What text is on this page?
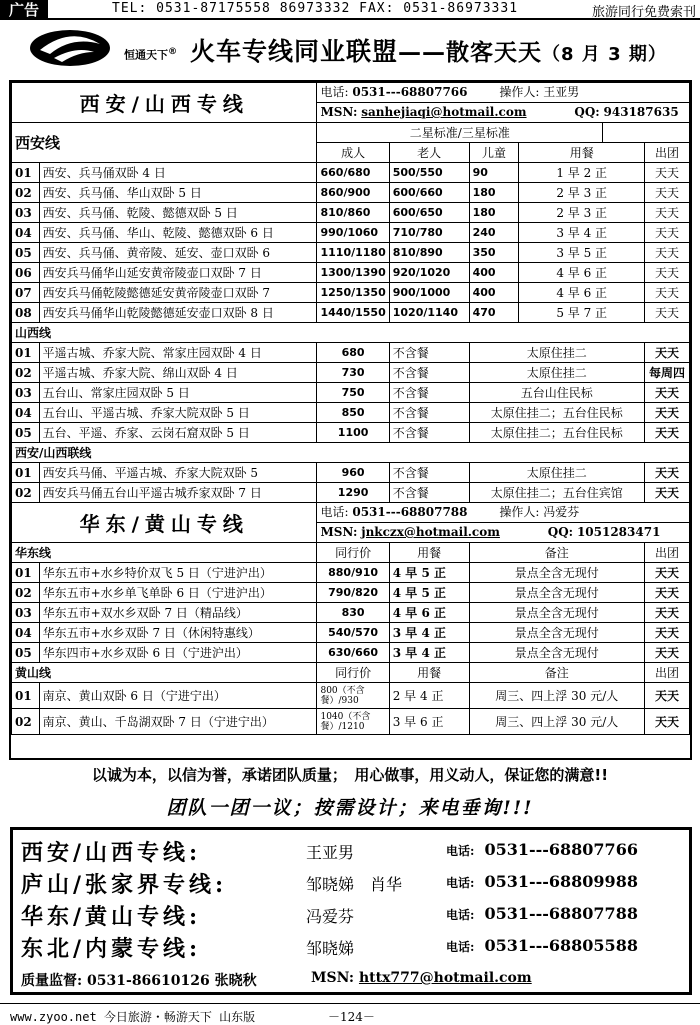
广告	TEL: 0531-87175558 86973332 FAX: 0531-86973331	旅游同行免费索刊
恒通天下® 火车专线同业联盟——散客天天（8 月 3 期）
西安/山西专线		电话: 0531---68807766 操作人: 王亚男					
		MSN: sanhejiaqi@hotmail.com QQ: 943187635					
西安线		二星标准/三星标准					
		成人	老人	儿童	用餐		出团
01	西安、兵马俑双卧 4 日	660/680	500/550	90	1 早 2 正		天天
02	西安、兵马俑、华山双卧 5 日	860/900	600/660	180	2 早 3 正		天天
03	西安、兵马俑、乾陵、懿德双卧 5 日	810/860	600/650	180	2 早 3 正		天天
04	西安、兵马俑、华山、乾陵、懿德双卧 6 日	990/1060	710/780	240	3 早 4 正		天天
05	西安、兵马俑、黄帝陵、延安、壶口双卧 6	1110/1180	810/890	350	3 早 5 正		天天
06	西安兵马俑华山延安黄帝陵壶口双卧 7 日	1300/1390	920/1020	400	4 早 6 正		天天
07	西安兵马俑乾陵懿德延安黄帝陵壶口双卧 7	1250/1350	900/1000	400	4 早 6 正		天天
08	西安兵马俑华山乾陵懿德延安壶口双卧 8 日	1440/1550	1020/1140	470	5 早 7 正		天天
山西线							
01	平遥古城、乔家大院、常家庄园双卧 4 日	680	不含餐	太原住挂二			天天
02	平遥古城、乔家大院、绵山双卧 4 日	730	不含餐	太原住挂二			每周四
03	五台山、常家庄园双卧 5 日	750	不含餐	五台山住民标			天天
04	五台山、平遥古城、乔家大院双卧 5 日	850	不含餐	太原住挂二；五台住民标			天天
05	五台、平遥、乔家、云岗石窟双卧 5 日	1100	不含餐	太原住挂二；五台住民标			天天
西安/山西联线							
01	西安兵马俑、平遥古城、乔家大院双卧 5	960	不含餐	太原住挂二			天天
02	西安兵马俑五台山平遥古城乔家双卧 7 日	1290	不含餐	太原住挂二；五台住宾馆			天天
华东/黄山专线		电话: 0531---68807788 操作人: 冯爱芬					
		MSN: jnkczx@hotmail.com QQ: 1051283471					
华东线		同行价	用餐	备注			出团
01	华东五市+水乡特价双飞 5 日（宁进沪出）	880/910	4 早 5 正	景点全含无现付			天天
02	华东五市+水乡单飞单卧 6 日（宁进沪出）	790/820	4 早 5 正	景点全含无现付			天天
03	华东五市+双水乡双卧 7 日（精品线）	830	4 早 6 正	景点全含无现付			天天
04	华东五市+水乡双卧 7 日（休闲特惠线）	540/570	3 早 4 正	景点全含无现付			天天
05	华东四市+水乡双卧 6 日（宁进沪出）	630/660	3 早 4 正	景点全含无现付			天天
黄山线		同行价	用餐	备注			出团
01	南京、黄山双卧 6 日（宁进宁出）	800（不含
餐）/930	2 早 4 正	周三、四上浮 30 元/人			天天
02	南京、黄山、千岛湖双卧 7 日（宁进宁出）	1040（不含
餐）/1210	3 早 6 正	周三、四上浮 30 元/人			天天
以诚为本，以信为誉，承诺团队质量；　用心做事，用义动人，保证您的满意!!
团队一团一议；按需设计；来电垂询!!!
西安/山西专线:	王亚男	电话: 0531---68807766
庐山/张家界专线:	邹晓娣　肖华	电话: 0531---68809988
华东/黄山专线:	冯爱芬	电话: 0531---68807788
东北/内蒙专线:	邹晓娣	电话: 0531---68805588
质量监督: 0531-86610126 张晓秋	MSN: httx777@hotmail.com
www.zyoo.net 今日旅游・畅游天下 山东版	－124－
